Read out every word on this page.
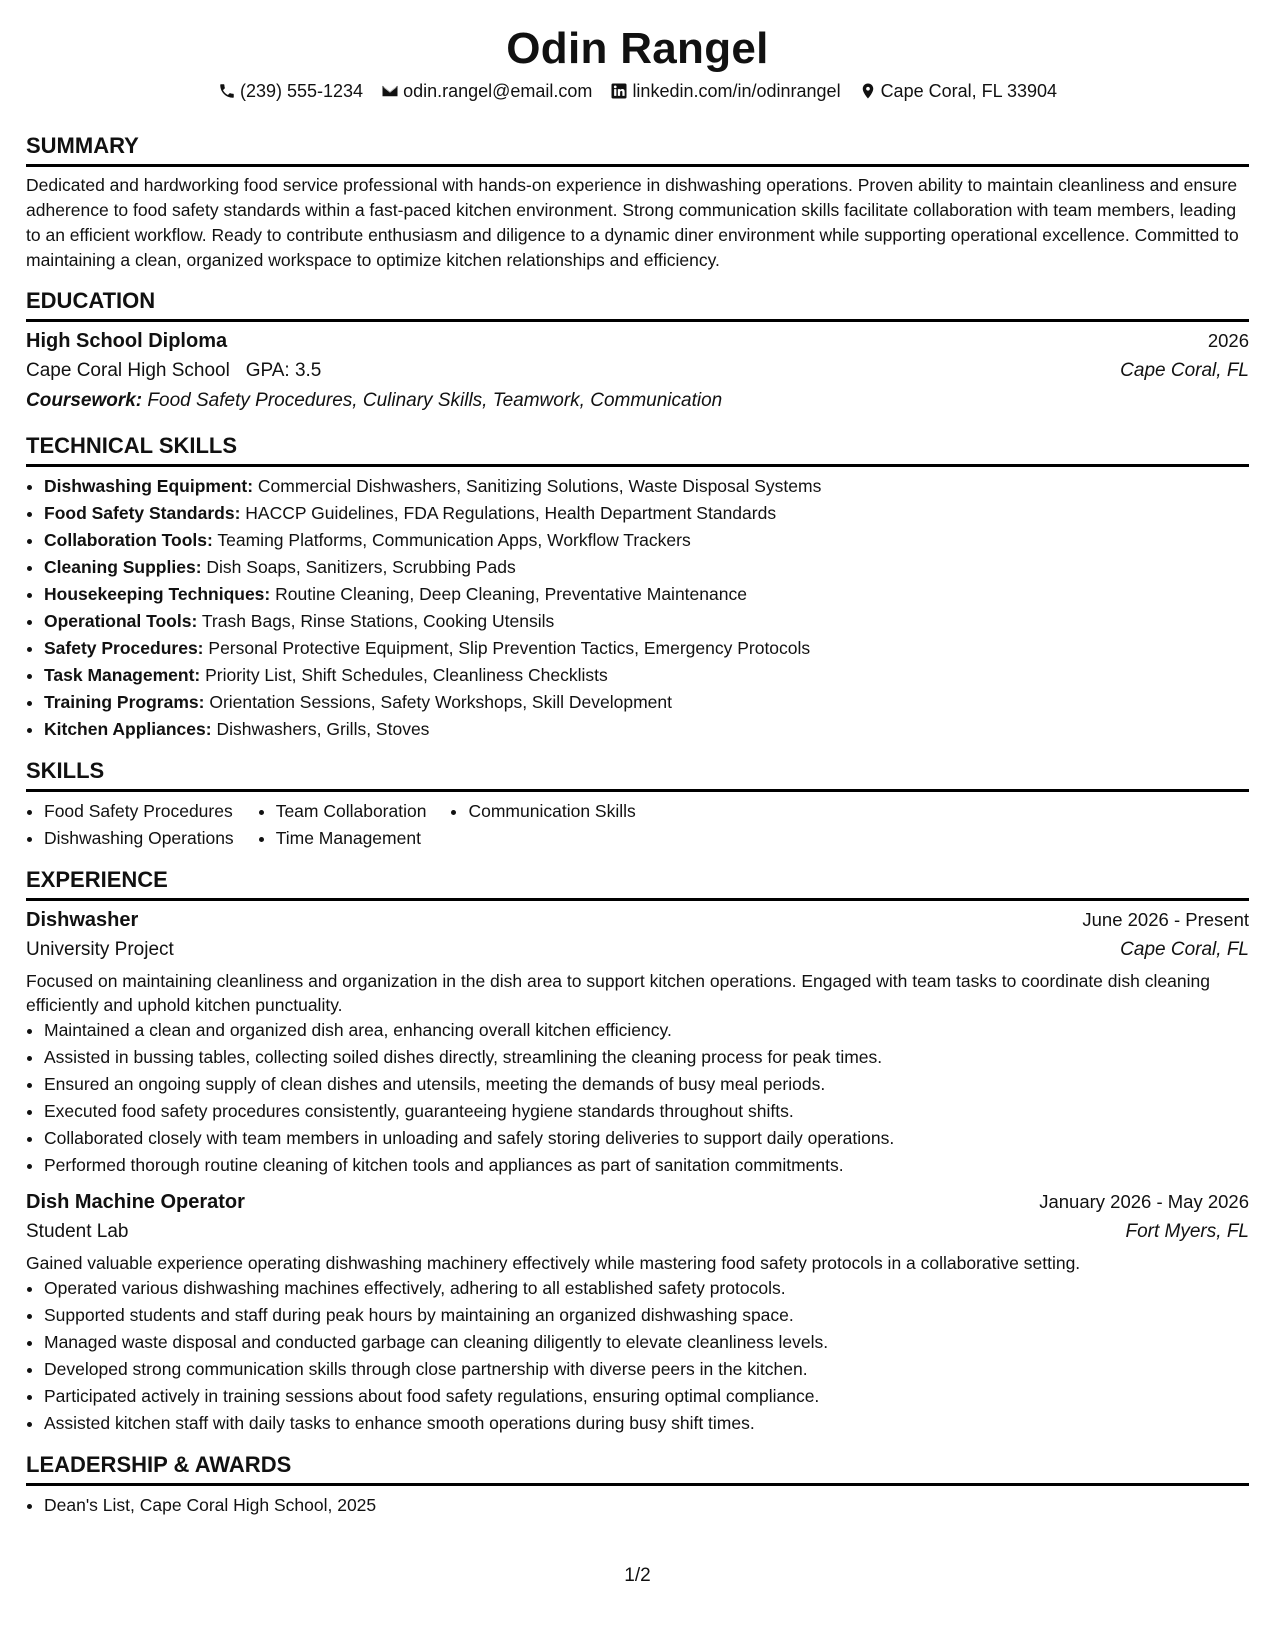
Odin Rangel
(239) 555-1234 odin.rangel@email.com linkedin.com/in/odinrangel Cape Coral, FL 33904
SUMMARY
Dedicated and hardworking food service professional with hands-on experience in dishwashing operations. Proven ability to maintain cleanliness and ensure adherence to food safety standards within a fast-paced kitchen environment. Strong communication skills facilitate collaboration with team members, leading to an efficient workflow. Ready to contribute enthusiasm and diligence to a dynamic diner environment while supporting operational excellence. Committed to maintaining a clean, organized workspace to optimize kitchen relationships and efficiency.
EDUCATION
High School Diploma	2026
Cape Coral High School GPA: 3.5	Cape Coral, FL
Coursework: Food Safety Procedures, Culinary Skills, Teamwork, Communication
TECHNICAL SKILLS
• Dishwashing Equipment: Commercial Dishwashers, Sanitizing Solutions, Waste Disposal Systems
• Food Safety Standards: HACCP Guidelines, FDA Regulations, Health Department Standards
• Collaboration Tools: Teaming Platforms, Communication Apps, Workflow Trackers
• Cleaning Supplies: Dish Soaps, Sanitizers, Scrubbing Pads
• Housekeeping Techniques: Routine Cleaning, Deep Cleaning, Preventative Maintenance
• Operational Tools: Trash Bags, Rinse Stations, Cooking Utensils
• Safety Procedures: Personal Protective Equipment, Slip Prevention Tactics, Emergency Protocols
• Task Management: Priority List, Shift Schedules, Cleanliness Checklists
• Training Programs: Orientation Sessions, Safety Workshops, Skill Development
• Kitchen Appliances: Dishwashers, Grills, Stoves
SKILLS
• Food Safety Procedures
• Dishwashing Operations
• Team Collaboration
• Time Management
• Communication Skills
EXPERIENCE
Dishwasher	June 2026 - Present
University Project	Cape Coral, FL
Focused on maintaining cleanliness and organization in the dish area to support kitchen operations. Engaged with team tasks to coordinate dish cleaning efficiently and uphold kitchen punctuality.
• Maintained a clean and organized dish area, enhancing overall kitchen efficiency.
• Assisted in bussing tables, collecting soiled dishes directly, streamlining the cleaning process for peak times.
• Ensured an ongoing supply of clean dishes and utensils, meeting the demands of busy meal periods.
• Executed food safety procedures consistently, guaranteeing hygiene standards throughout shifts.
• Collaborated closely with team members in unloading and safely storing deliveries to support daily operations.
• Performed thorough routine cleaning of kitchen tools and appliances as part of sanitation commitments.
Dish Machine Operator	January 2026 - May 2026
Student Lab	Fort Myers, FL
Gained valuable experience operating dishwashing machinery effectively while mastering food safety protocols in a collaborative setting.
• Operated various dishwashing machines effectively, adhering to all established safety protocols.
• Supported students and staff during peak hours by maintaining an organized dishwashing space.
• Managed waste disposal and conducted garbage can cleaning diligently to elevate cleanliness levels.
• Developed strong communication skills through close partnership with diverse peers in the kitchen.
• Participated actively in training sessions about food safety regulations, ensuring optimal compliance.
• Assisted kitchen staff with daily tasks to enhance smooth operations during busy shift times.
LEADERSHIP & AWARDS
• Dean's List, Cape Coral High School, 2025
1/2
